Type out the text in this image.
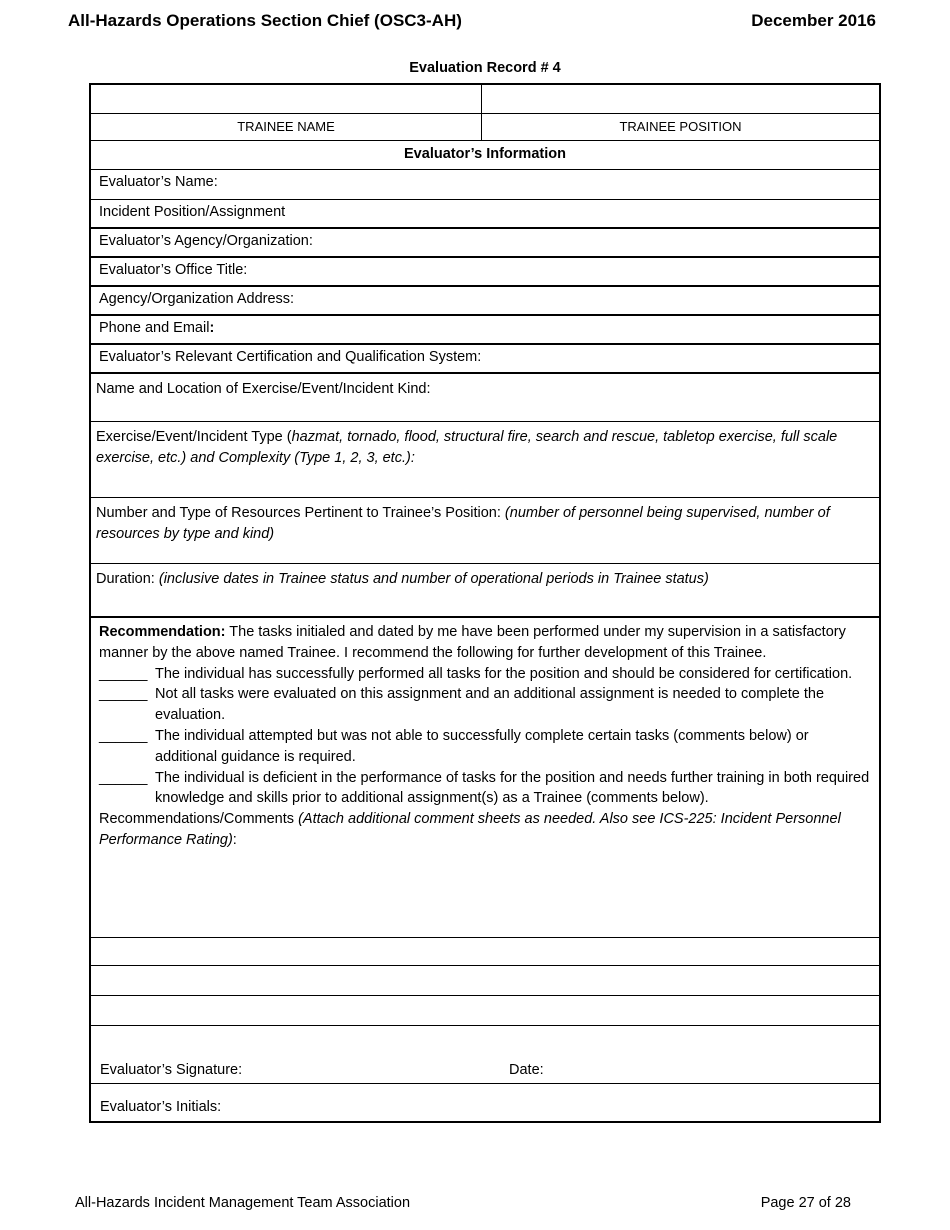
All-Hazards Operations Section Chief (OSC3-AH)	December 2016
Evaluation Record # 4
TRAINEE NAME	TRAINEE POSITION
Evaluator’s Information
Evaluator’s Name:
Incident Position/Assignment
Evaluator’s Agency/Organization:
Evaluator’s Office Title:
Agency/Organization Address:
Phone and Email:
Evaluator’s Relevant Certification and Qualification System:
Name and Location of Exercise/Event/Incident Kind:
Exercise/Event/Incident Type (hazmat, tornado, flood, structural fire, search and rescue, tabletop exercise, full scale exercise, etc.) and Complexity (Type 1, 2, 3, etc.):
Number and Type of Resources Pertinent to Trainee’s Position: (number of personnel being supervised, number of resources by type and kind)
Duration: (inclusive dates in Trainee status and number of operational periods in Trainee status)
Recommendation: The tasks initialed and dated by me have been performed under my supervision in a satisfactory manner by the above named Trainee. I recommend the following for further development of this Trainee.
______ The individual has successfully performed all tasks for the position and should be considered for certification.
______ Not all tasks were evaluated on this assignment and an additional assignment is needed to complete the evaluation.
______ The individual attempted but was not able to successfully complete certain tasks (comments below) or additional guidance is required.
______ The individual is deficient in the performance of tasks for the position and needs further training in both required knowledge and skills prior to additional assignment(s) as a Trainee (comments below).
Recommendations/Comments (Attach additional comment sheets as needed. Also see ICS-225: Incident Personnel Performance Rating):
Evaluator’s Signature:	Date:
Evaluator’s Initials:
All-Hazards Incident Management Team Association	Page 27 of 28
